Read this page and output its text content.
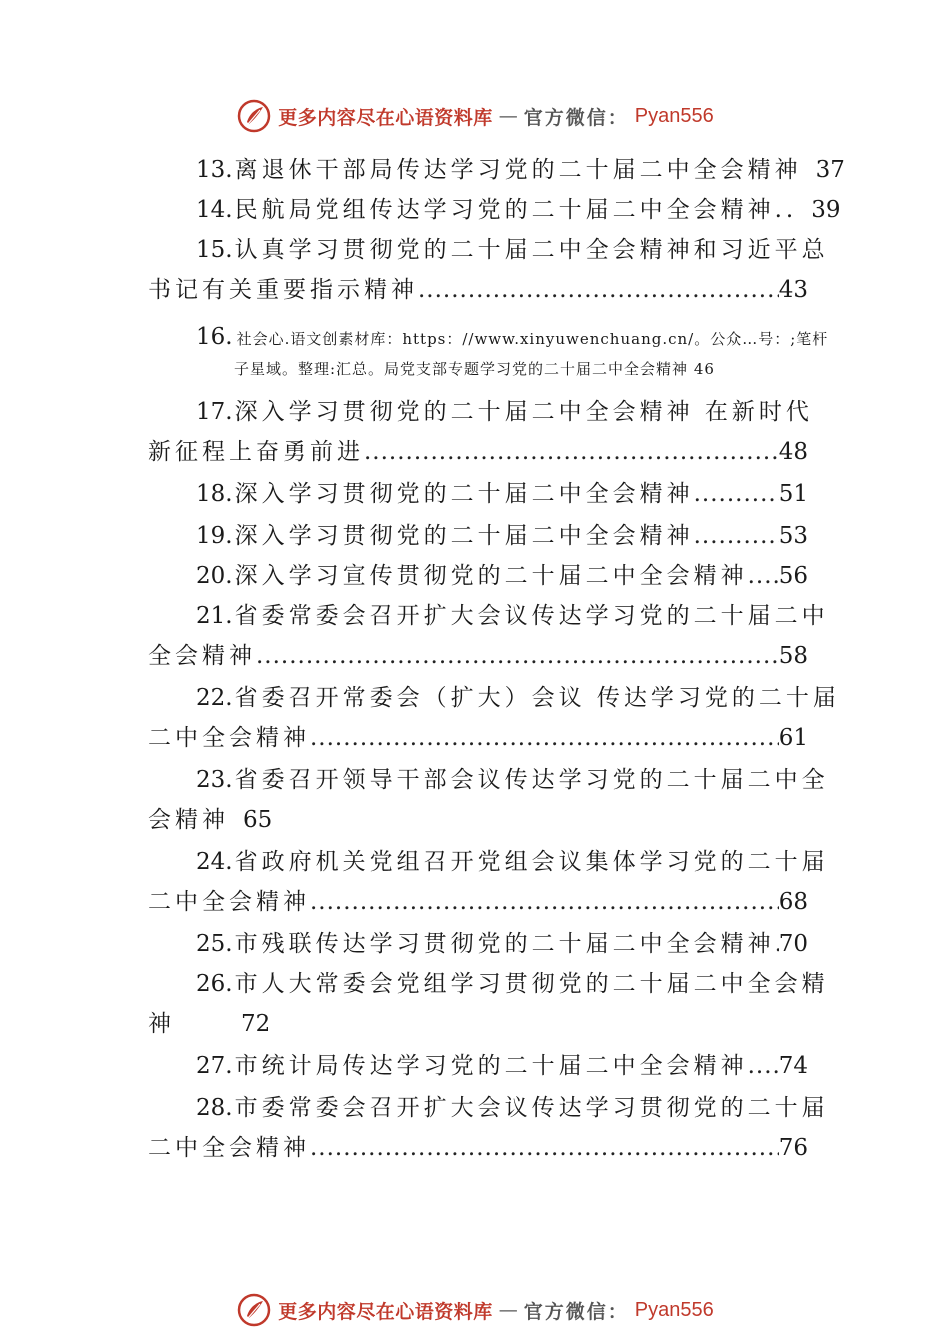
更多内容尽在心语资料库 — 官方微信： Pyan556
13. 离退休干部局传达学习党的二十届二中全会精神 37
14. 民航局党组传达学习党的二十届二中全会精神.. 39
15. 认真学习贯彻党的二十届二中全会精神和习近平总
书记有关重要指示精神 .....	43
16. 社会心.语文创素材库：https：//www.xinyuwenchuang.cn/。公众…号：;笔杆
子星域。整理:汇总。局党支部专题学习党的二十届二中全会精神 46
17. 深入学习贯彻党的二十届二中全会精神 在新时代
新征程上奋勇前进 .....	48
18. 深入学习贯彻党的二十届二中全会精神 .....	51
19. 深入学习贯彻党的二十届二中全会精神 .....	53
20. 深入学习宣传贯彻党的二十届二中全会精神 ..... 56
21. 省委常委会召开扩大会议传达学习党的二十届二中
全会精神 .....	58
22. 省委召开常委会（扩大）会议 传达学习党的二十届
二中全会精神 .....	61
23. 省委召开领导干部会议传达学习党的二十届二中全
会精神 65
24. 省政府机关党组召开党组会议集体学习党的二十届
二中全会精神 .....	68
25. 市残联传达学习贯彻党的二十届二中全会精神 ..... 70
26. 市人大常委会党组学习贯彻党的二十届二中全会精
神	72
27. 市统计局传达学习党的二十届二中全会精神 ..... 74
28. 市委常委会召开扩大会议传达学习贯彻党的二十届
二中全会精神 .....	76
更多内容尽在心语资料库 — 官方微信： Pyan556
